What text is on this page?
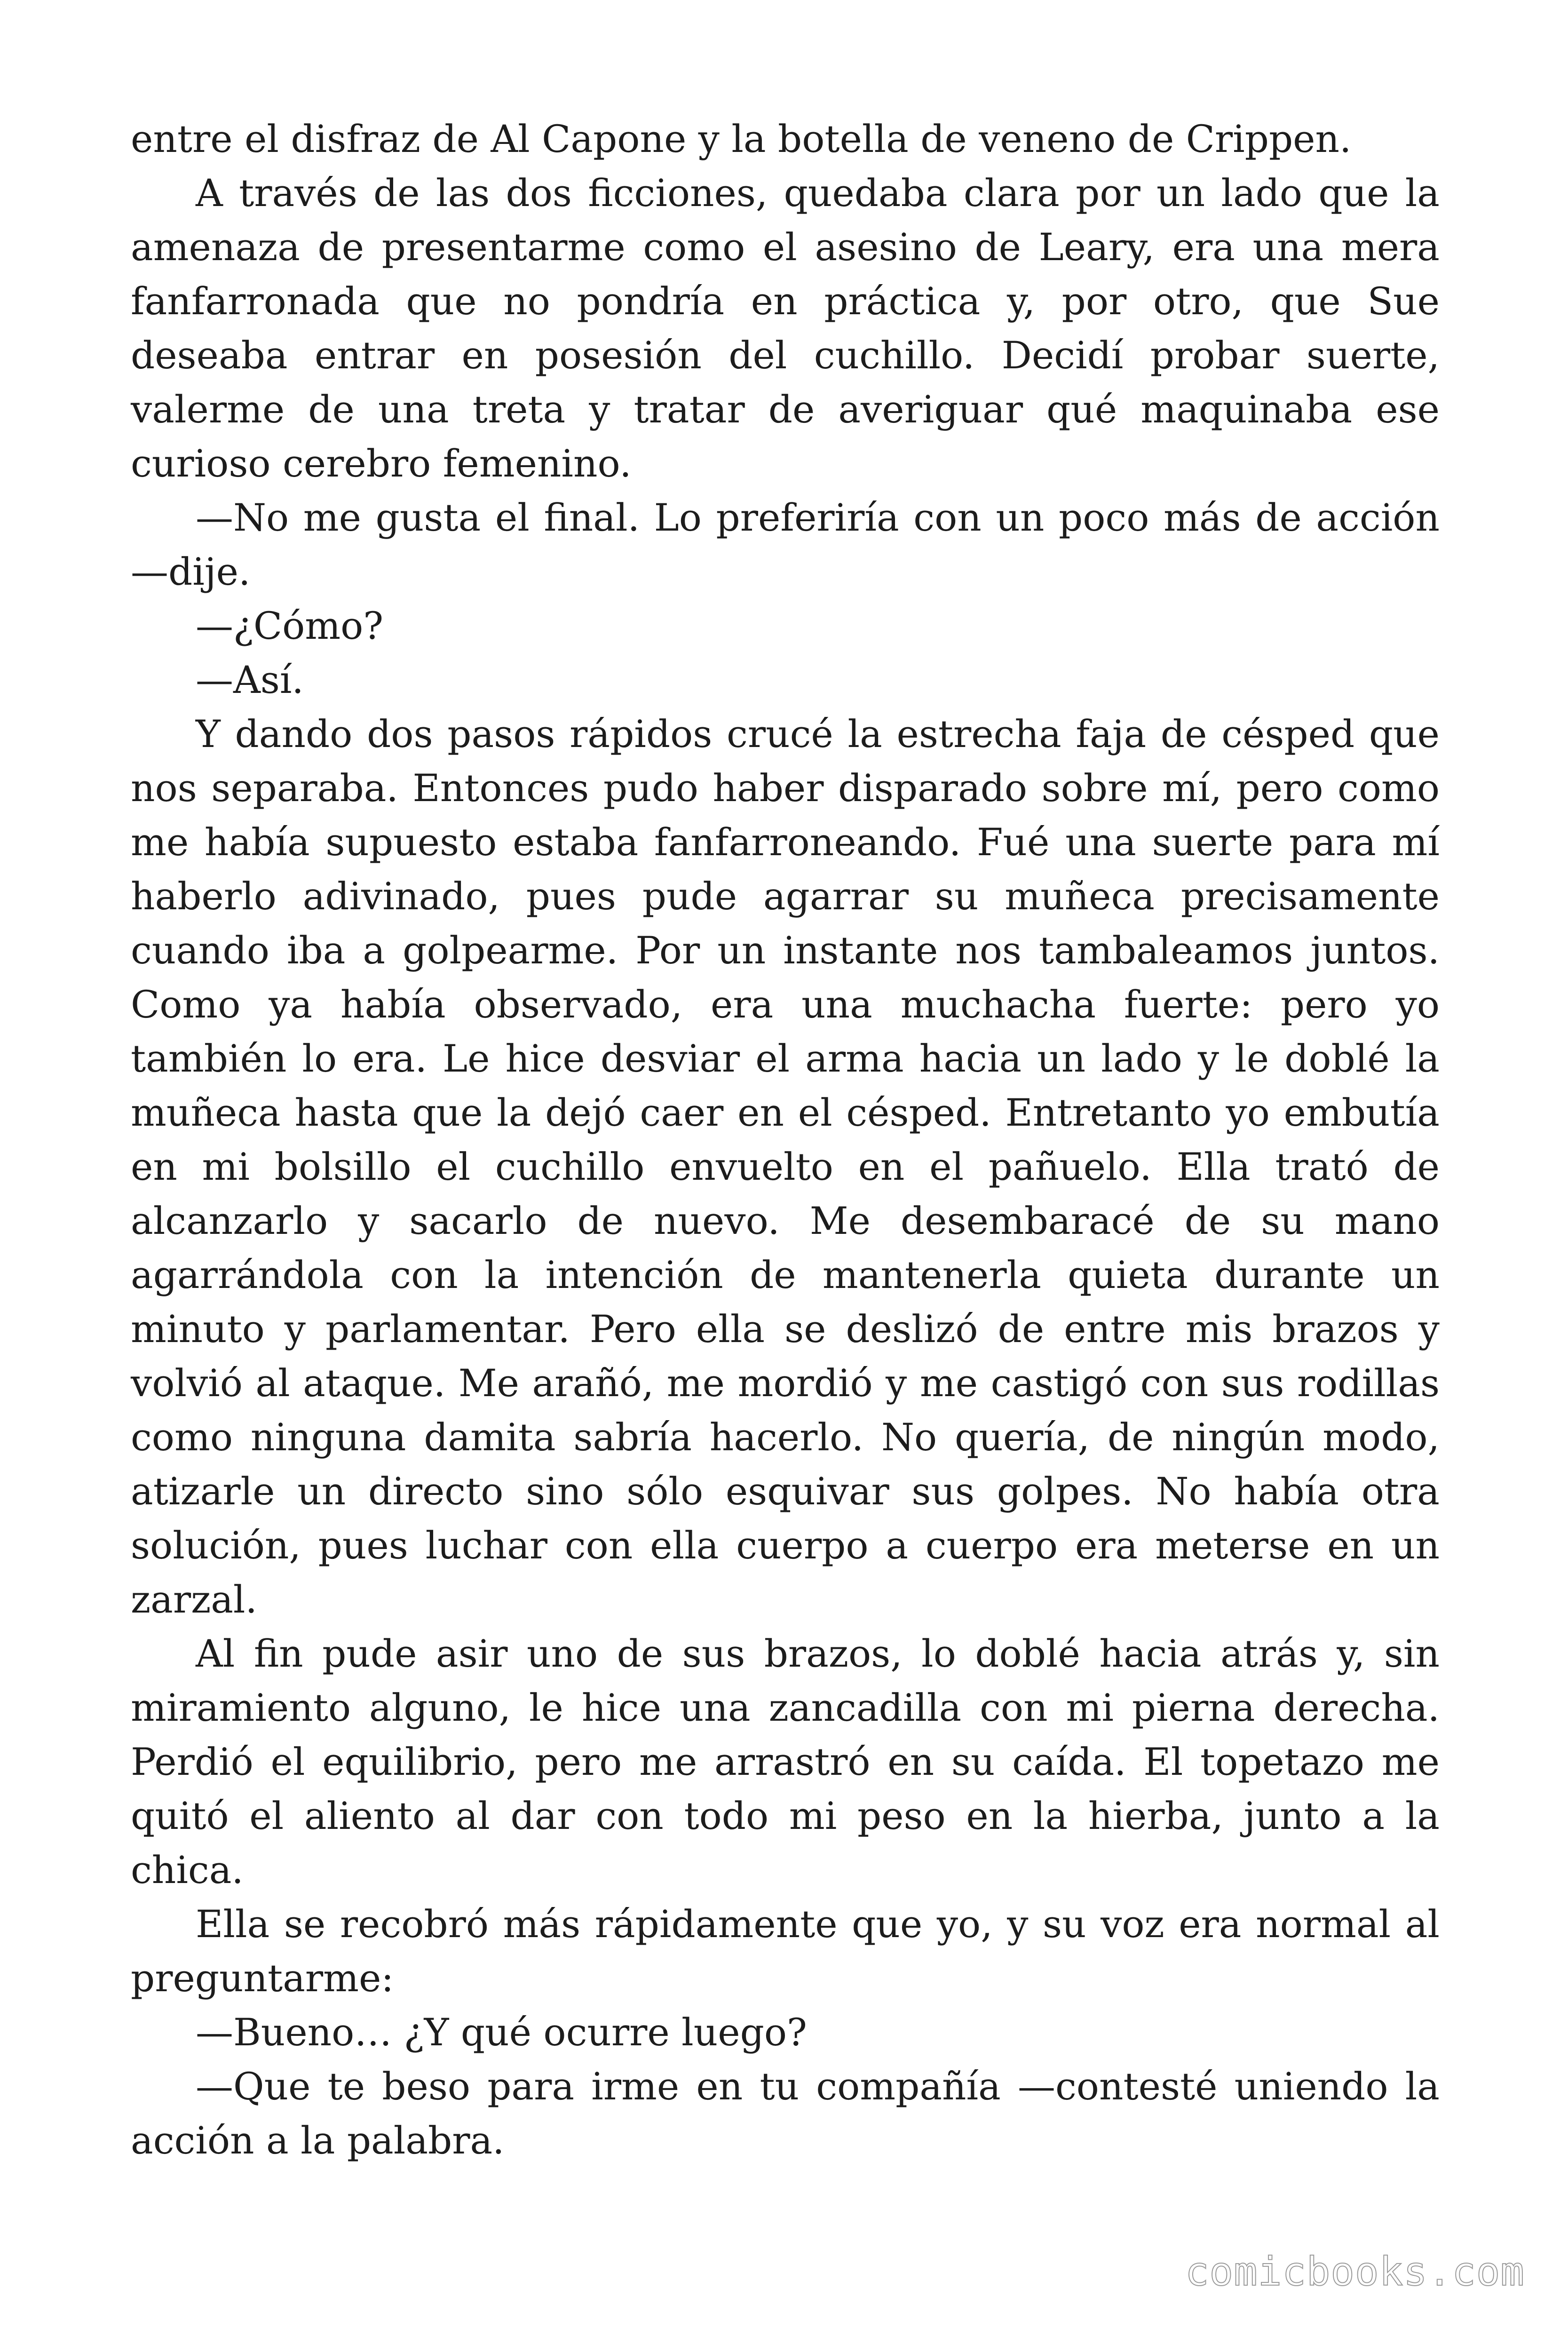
entre el disfraz de Al Capone y la botella de veneno de Crippen.

A través de las dos ficciones, quedaba clara por un lado que la amenaza de presentarme como el asesino de Leary, era una mera fanfarronada que no pondría en práctica y, por otro, que Sue deseaba entrar en posesión del cuchillo. Decidí probar suerte, valerme de una treta y tratar de averiguar qué maquinaba ese curioso cerebro femenino.

—No me gusta el final. Lo preferiría con un poco más de acción —dije.

—¿Cómo?

—Así.

Y dando dos pasos rápidos crucé la estrecha faja de césped que nos separaba. Entonces pudo haber disparado sobre mí, pero como me había supuesto estaba fanfarroneando. Fué una suerte para mí haberlo adivinado, pues pude agarrar su muñeca precisamente cuando iba a golpearme. Por un instante nos tambaleamos juntos. Como ya había observado, era una muchacha fuerte: pero yo también lo era. Le hice desviar el arma hacia un lado y le doblé la muñeca hasta que la dejó caer en el césped. Entretanto yo embutía en mi bolsillo el cuchillo envuelto en el pañuelo. Ella trató de alcanzarlo y sacarlo de nuevo. Me desembaracé de su mano agarrándola con la intención de mantenerla quieta durante un minuto y parlamentar. Pero ella se deslizó de entre mis brazos y volvió al ataque. Me arañó, me mordió y me castigó con sus rodillas como ninguna damita sabría hacerlo. No quería, de ningún modo, atizarle un directo sino sólo esquivar sus golpes. No había otra solución, pues luchar con ella cuerpo a cuerpo era meterse en un zarzal.

Al fin pude asir uno de sus brazos, lo doblé hacia atrás y, sin miramiento alguno, le hice una zancadilla con mi pierna derecha. Perdió el equilibrio, pero me arrastró en su caída. El topetazo me quitó el aliento al dar con todo mi peso en la hierba, junto a la chica.

Ella se recobró más rápidamente que yo, y su voz era normal al preguntarme:

—Bueno… ¿Y qué ocurre luego?

—Que te beso para irme en tu compañía —contesté uniendo la acción a la palabra.

comicbooks.com
